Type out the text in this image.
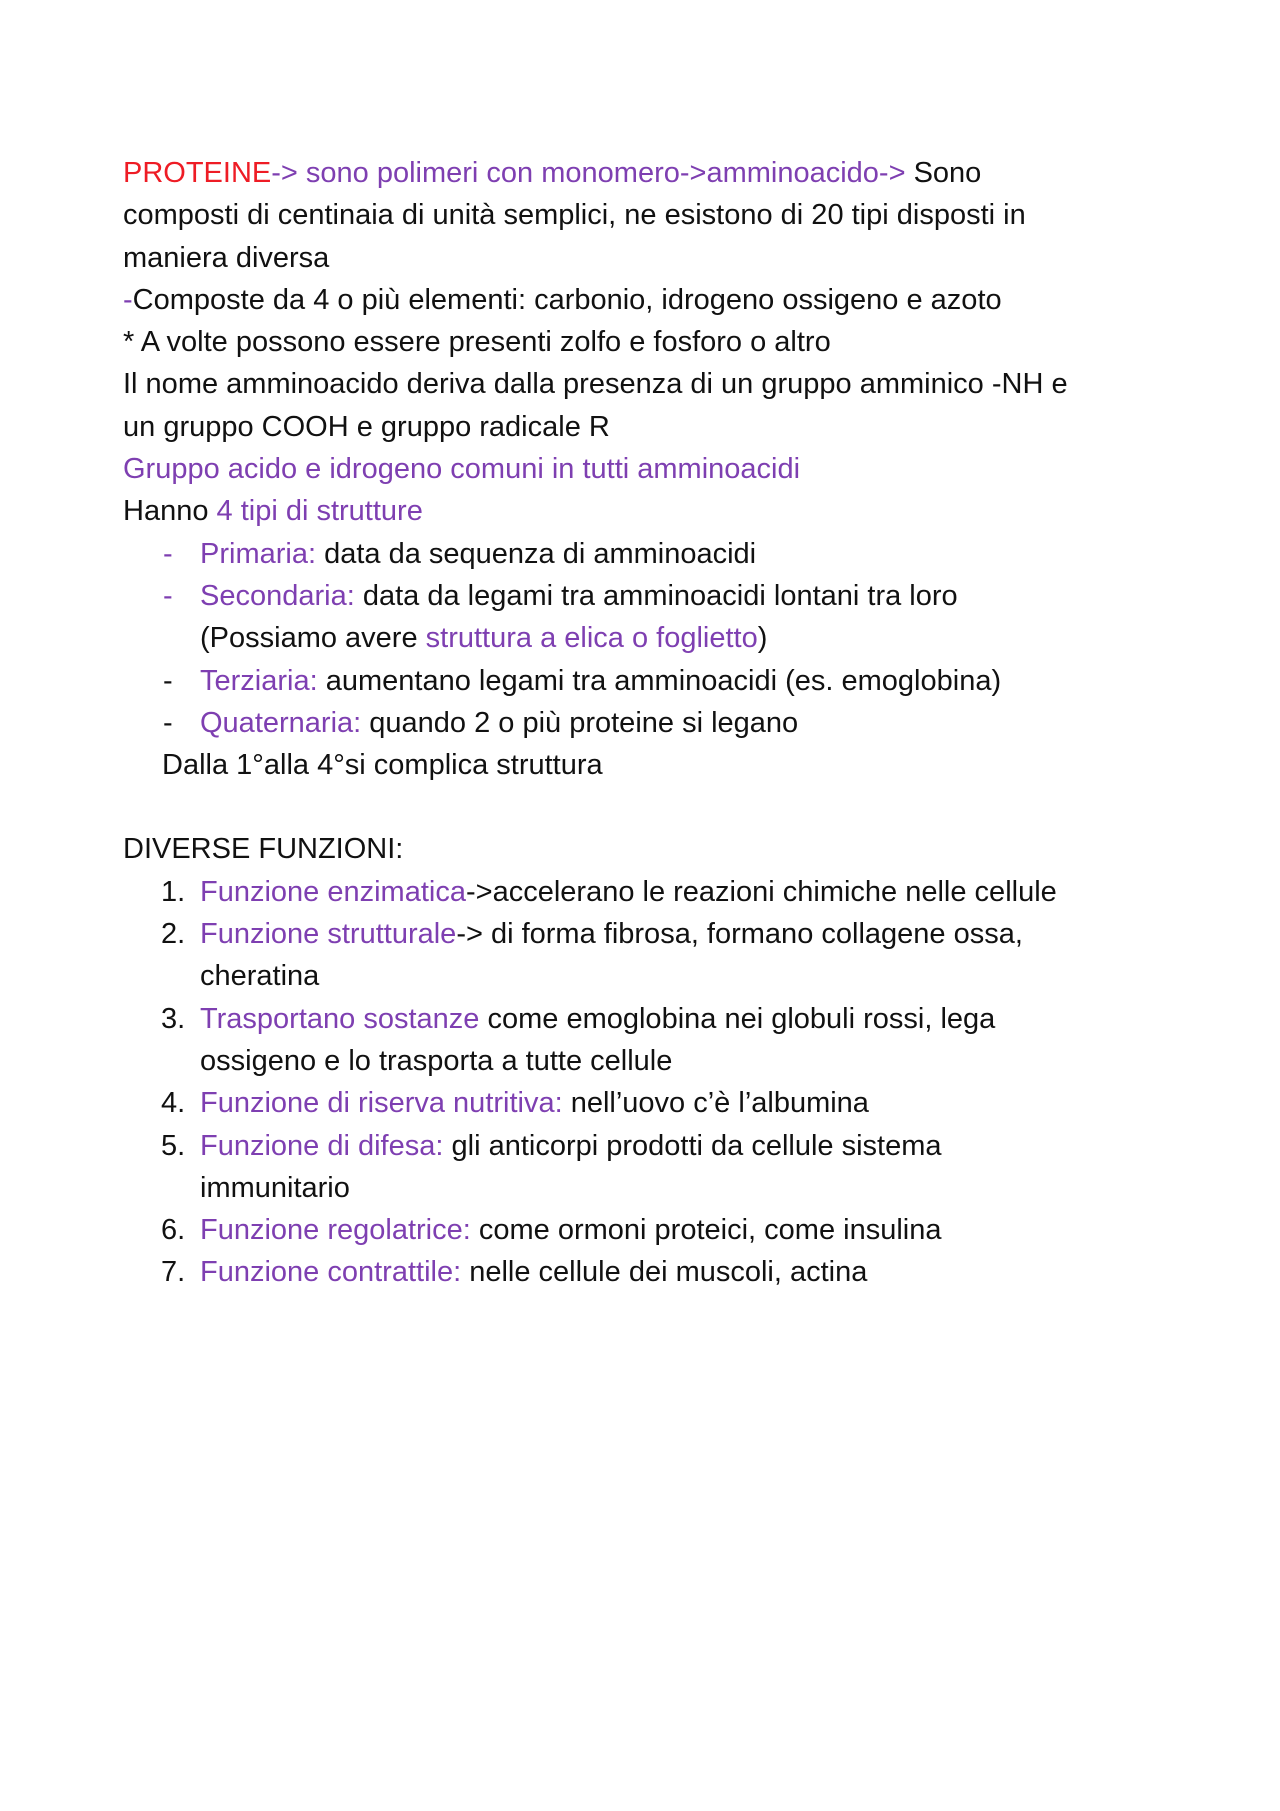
PROTEINE-> sono polimeri con monomero->amminoacido-> Sono
composti di centinaia di unità semplici, ne esistono di 20 tipi disposti in
maniera diversa
-Composte da 4 o più elementi: carbonio, idrogeno ossigeno e azoto
* A volte possono essere presenti zolfo e fosforo o altro
Il nome amminoacido deriva dalla presenza di un gruppo amminico -NH e
un gruppo COOH e gruppo radicale R
Gruppo acido e idrogeno comuni in tutti amminoacidi
Hanno 4 tipi di strutture
- Primaria: data da sequenza di amminoacidi
- Secondaria: data da legami tra amminoacidi lontani tra loro
(Possiamo avere struttura a elica o foglietto)
- Terziaria: aumentano legami tra amminoacidi (es. emoglobina)
- Quaternaria: quando 2 o più proteine si legano
Dalla 1°alla 4°si complica struttura
DIVERSE FUNZIONI:
1. Funzione enzimatica->accelerano le reazioni chimiche nelle cellule
2. Funzione strutturale-> di forma fibrosa, formano collagene ossa,
cheratina
3. Trasportano sostanze come emoglobina nei globuli rossi, lega
ossigeno e lo trasporta a tutte cellule
4. Funzione di riserva nutritiva: nell’uovo c’è l’albumina
5. Funzione di difesa: gli anticorpi prodotti da cellule sistema
immunitario
6. Funzione regolatrice: come ormoni proteici, come insulina
7. Funzione contrattile: nelle cellule dei muscoli, actina
